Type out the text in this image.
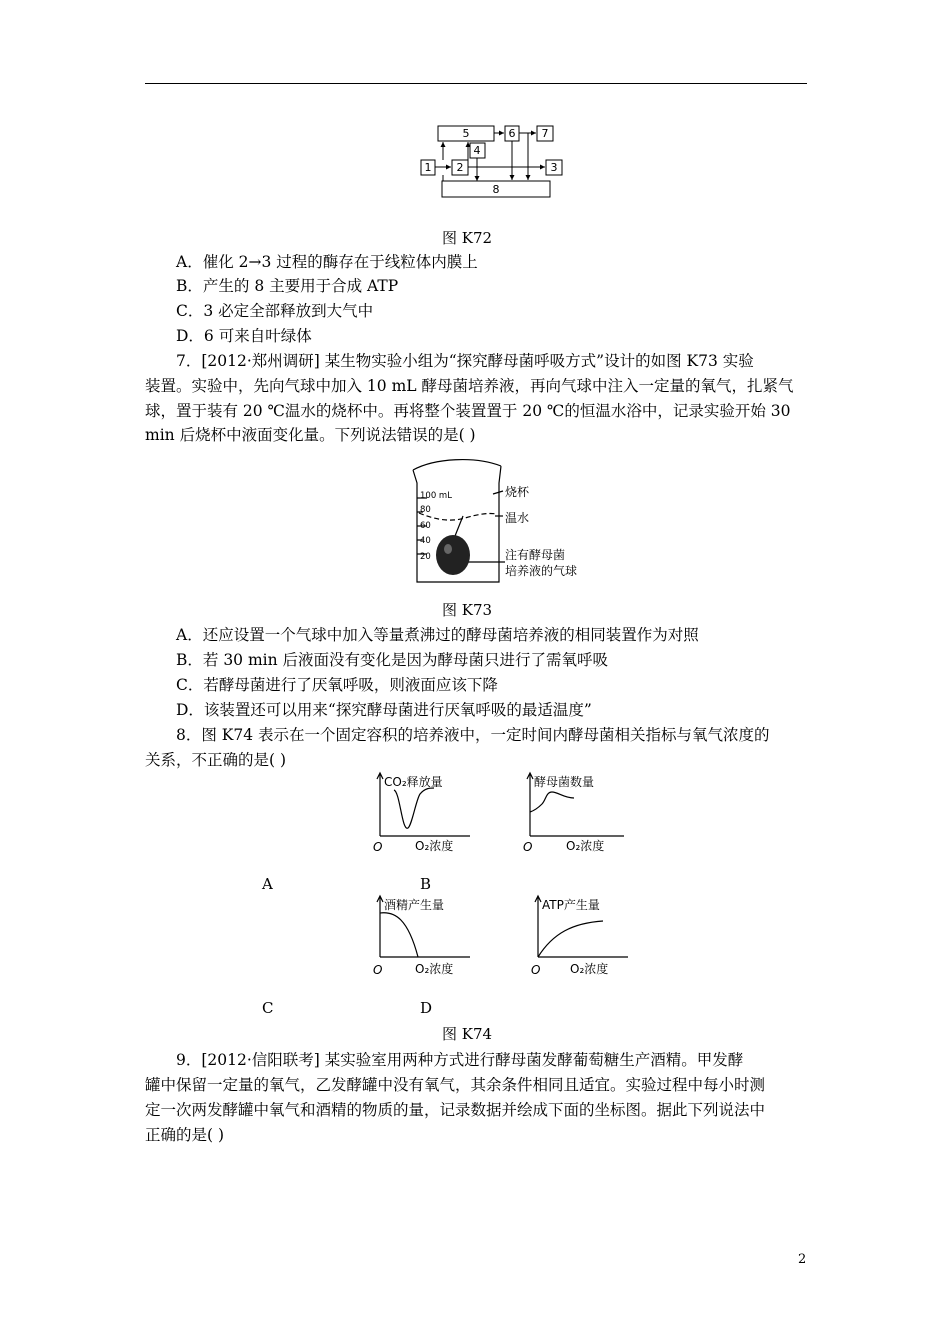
5	6 7
1 2
4
3
8
图 K72
A．催化 2→3 过程的酶存在于线粒体内膜上
B．产生的 8 主要用于合成 ATP
C．3 必定全部释放到大气中
D．6 可来自叶绿体
7．[2012·郑州调研] 某生物实验小组为“探究酵母菌呼吸方式”设计的如图 K73 实验
装置。实验中，先向气球中加入 10 mL 酵母菌培养液，再向气球中注入一定量的氧气，扎紧气
球，置于装有 20 ℃温水的烧杯中。再将整个装置置于 20 ℃的恒温水浴中，记录实验开始 30
min 后烧杯中液面变化量。下列说法错误的是( )
100 mL
80
60
40
20
烧杯
温水
注有酵母菌
培养液的气球
图 K73
A．还应设置一个气球中加入等量煮沸过的酵母菌培养液的相同装置作为对照
B．若 30 min 后液面没有变化是因为酵母菌只进行了需氧呼吸
C．若酵母菌进行了厌氧呼吸，则液面应该下降
D．该装置还可以用来“探究酵母菌进行厌氧呼吸的最适温度”
8．图 K74 表示在一个固定容积的培养液中，一定时间内酵母菌相关指标与氧气浓度的
关系，不正确的是( )
CO₂释放量
O₂浓度
O
酵母菌数量
O₂浓度
O
A	B
酒精产生量
O₂浓度
O
ATP产生量
O₂浓度
O
C	D
图 K74
9．[2012·信阳联考] 某实验室用两种方式进行酵母菌发酵葡萄糖生产酒精。甲发酵
罐中保留一定量的氧气，乙发酵罐中没有氧气，其余条件相同且适宜。实验过程中每小时测
定一次两发酵罐中氧气和酒精的物质的量，记录数据并绘成下面的坐标图。据此下列说法中
正确的是( )
2
